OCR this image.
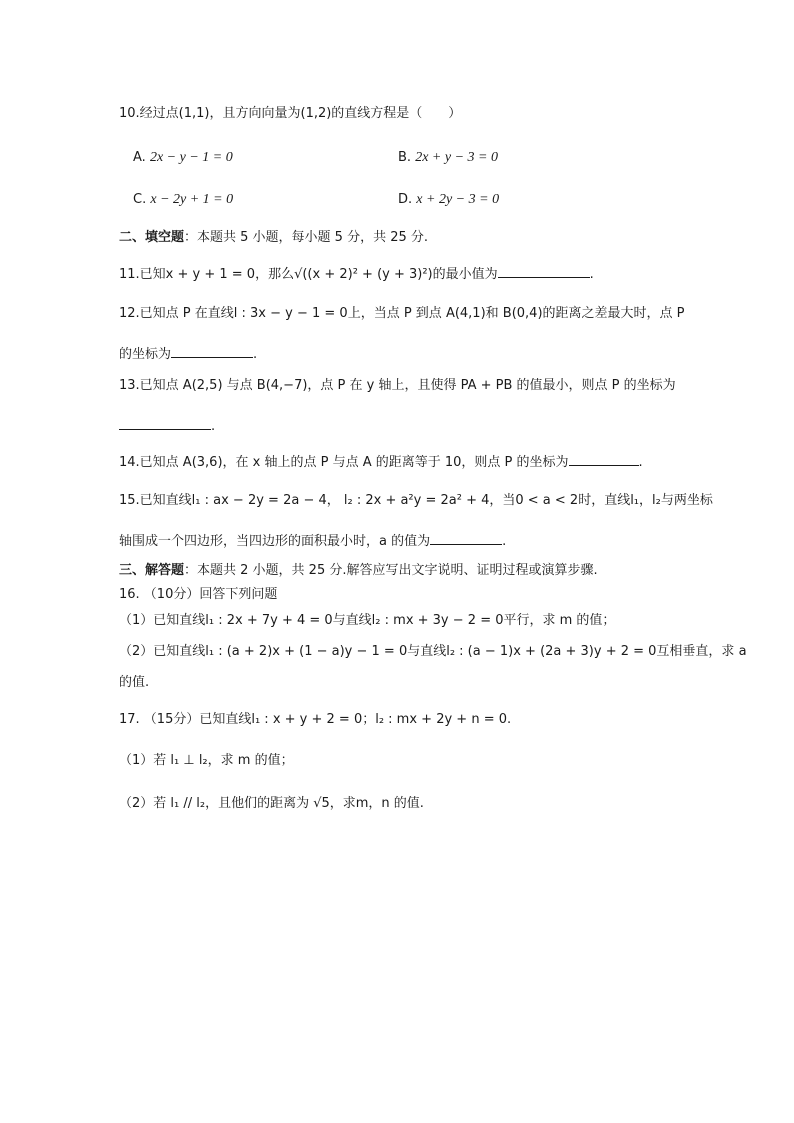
10.经过点(1,1)，且方向向量为(1,2)的直线方程是（　　）
A. 2x − y − 1 = 0	B. 2x + y − 3 = 0
C. x − 2y + 1 = 0	D. x + 2y − 3 = 0
二、填空题：本题共 5 小题，每小题 5 分，共 25 分.
11.已知x + y + 1 = 0，那么√((x + 2)² + (y + 3)²)的最小值为	.
12.已知点 P 在直线l : 3x − y − 1 = 0上，当点 P 到点 A(4,1)和 B(0,4)的距离之差最大时，点 P
的坐标为	.
13.已知点 A(2,5) 与点 B(4,−7)，点 P 在 y 轴上，且使得 PA + PB 的值最小，则点 P 的坐标为
.
14.已知点 A(3,6)，在 x 轴上的点 P 与点 A 的距离等于 10，则点 P 的坐标为	.
15.已知直线l₁ : ax − 2y = 2a − 4， l₂ : 2x + a²y = 2a² + 4，当0 < a < 2时，直线l₁，l₂与两坐标
轴围成一个四边形，当四边形的面积最小时，a 的值为	.
三、解答题：本题共 2 小题，共 25 分.解答应写出文字说明、证明过程或演算步骤.
16. （10分）回答下列问题
（1）已知直线l₁ : 2x + 7y + 4 = 0与直线l₂ : mx + 3y − 2 = 0平行，求 m 的值；
（2）已知直线l₁ : (a + 2)x + (1 − a)y − 1 = 0与直线l₂ : (a − 1)x + (2a + 3)y + 2 = 0互相垂直，求 a
的值.
17. （15分）已知直线l₁ : x + y + 2 = 0；l₂ : mx + 2y + n = 0.
（1）若 l₁ ⊥ l₂，求 m 的值；
（2）若 l₁ // l₂，且他们的距离为 √5，求m，n 的值.
